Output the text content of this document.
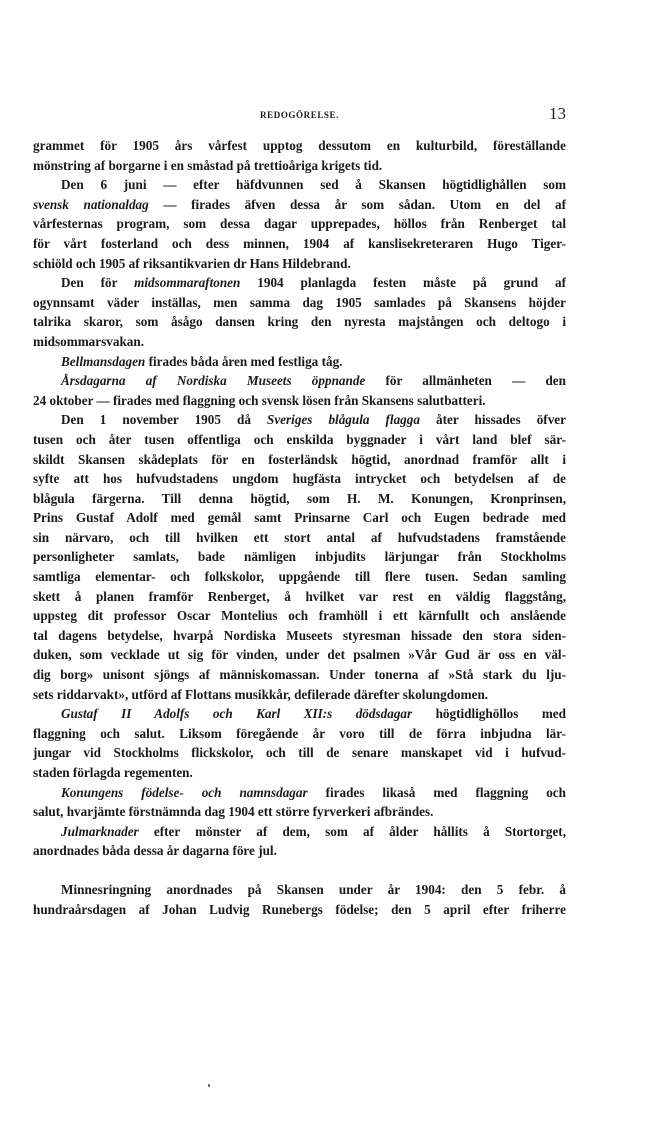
REDOGÖRELSE.	13
grammet för 1905 års vårfest upptog dessutom en kulturbild, föreställande
mönstring af borgarne i en småstad på trettioåriga krigets tid.
Den 6 juni — efter häfdvunnen sed å Skansen högtidlighållen som
svensk nationaldag — firades äfven dessa år som sådan. Utom en del af
vårfesternas program, som dessa dagar upprepades, höllos från Renberget tal
för vårt fosterland och dess minnen, 1904 af kanslisekreteraren Hugo Tiger-
schiöld och 1905 af riksantikvarien dr Hans Hildebrand.
Den för midsommaraftonen 1904 planlagda festen måste på grund af
ogynnsamt väder inställas, men samma dag 1905 samlades på Skansens höjder
talrika skaror, som åsågo dansen kring den nyresta majstången och deltogo i
midsommarsvakan.
Bellmansdagen firades båda åren med festliga tåg.
Årsdagarna af Nordiska Museets öppnande för allmänheten — den
24 oktober — firades med flaggning och svensk lösen från Skansens salutbatteri.
Den 1 november 1905 då Sveriges blågula flagga åter hissades öfver
tusen och åter tusen offentliga och enskilda byggnader i vårt land blef sär-
skildt Skansen skådeplats för en fosterländsk högtid, anordnad framför allt i
syfte att hos hufvudstadens ungdom hugfästa intrycket och betydelsen af de
blågula färgerna. Till denna högtid, som H. M. Konungen, Kronprinsen,
Prins Gustaf Adolf med gemål samt Prinsarne Carl och Eugen bedrade med
sin närvaro, och till hvilken ett stort antal af hufvudstadens framstående
personligheter samlats, bade nämligen inbjudits lärjungar från Stockholms
samtliga elementar- och folkskolor, uppgående till flere tusen. Sedan samling
skett å planen framför Renberget, å hvilket var rest en väldig flaggstång,
uppsteg dit professor Oscar Montelius och framhöll i ett kärnfullt och anslående
tal dagens betydelse, hvarpå Nordiska Museets styresman hissade den stora siden-
duken, som vecklade ut sig för vinden, under det psalmen »Vår Gud är oss en väl-
dig borg» unisont sjöngs af människomassan. Under tonerna af »Stå stark du lju-
sets riddarvakt», utförd af Flottans musikkår, defilerade därefter skolungdomen.
Gustaf II Adolfs och Karl XII:s dödsdagar högtidlighöllos med
flaggning och salut. Liksom föregående år voro till de förra inbjudna lär-
jungar vid Stockholms flickskolor, och till de senare manskapet vid i hufvud-
staden förlagda regementen.
Konungens födelse- och namnsdagar firades likaså med flaggning och
salut, hvarjämte förstnämnda dag 1904 ett större fyrverkeri afbrändes.
Julmarknader efter mönster af dem, som af ålder hållits å Stortorget,
anordnades båda dessa år dagarna före jul.
Minnesringning anordnades på Skansen under år 1904: den 5 febr. å
hundraårsdagen af Johan Ludvig Runebergs födelse; den 5 april efter friherre
